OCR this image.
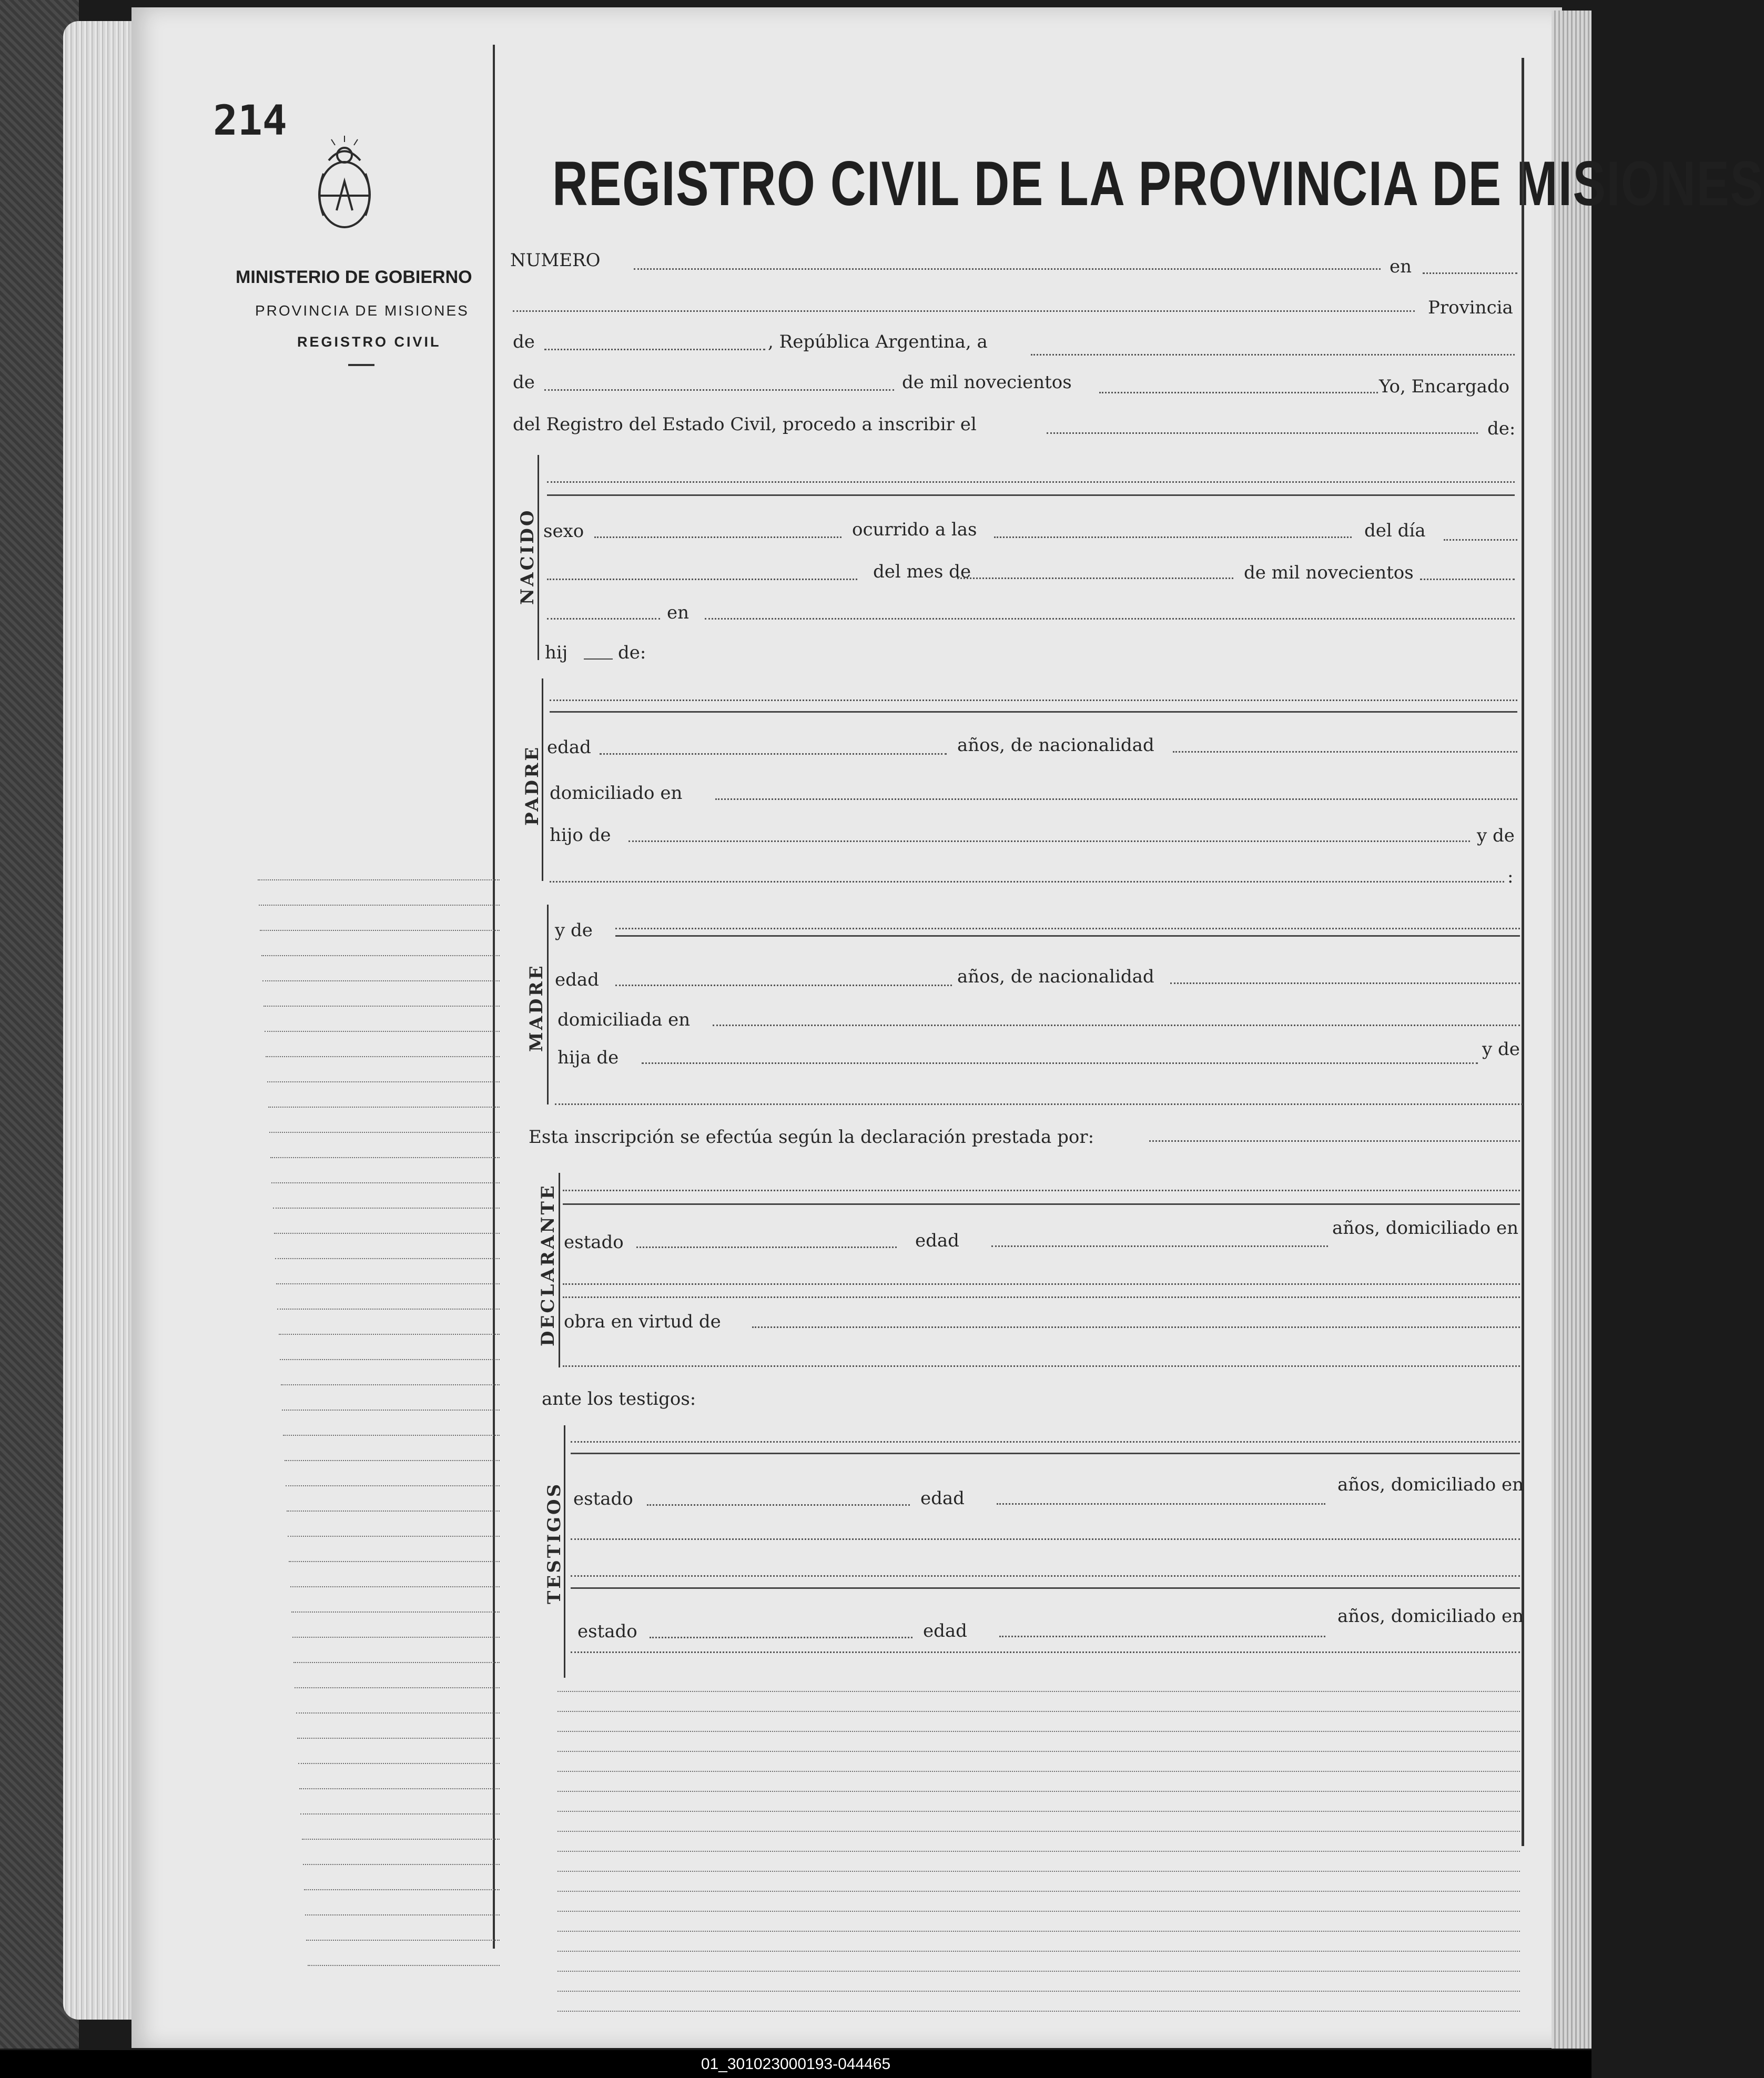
214
MINISTERIO DE GOBIERNO
PROVINCIA DE MISIONES
REGISTRO CIVIL
REGISTRO CIVIL DE LA PROVINCIA DE MISIONES
NUMERO	en
Provincia
de	, República Argentina, a
de	de mil novecientos	Yo, Encargado
del Registro del Estado Civil, procedo a inscribir el	de:
NACIDO sexo	ocurrido a las	del día
del mes de	de mil novecientos
en
hij	de:
PADRE edad	años, de nacionalidad
domiciliado en
hijo de	y de
:
MADRE
y de
edad	años, de nacionalidad
domiciliada en
hija de	y de
Esta inscripción se efectúa según la declaración prestada por:
DECLARANTE estado	edad
años, domiciliado en
obra en virtud de
ante los testigos:
TESTIGOS estado	edad
años, domiciliado en
estado	edad
años, domiciliado en
01_301023000193-044465
